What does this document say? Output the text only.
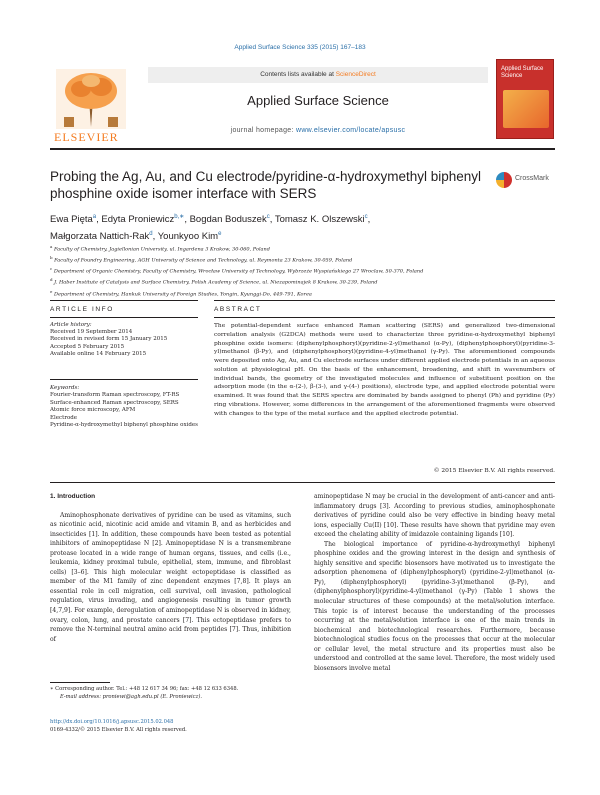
Applied Surface Science 335 (2015) 167–183
ELSEVIER
Contents lists available at ScienceDirect
Applied Surface Science
journal homepage: www.elsevier.com/locate/apsusc
Applied Surface Science
Probing the Ag, Au, and Cu electrode/pyridine-α-hydroxymethyl biphenyl phosphine oxide isomer interface with SERS
CrossMark
Ewa Pięta$^a$, Edyta Proniewicz$^{b,∗}$, Bogdan Boduszek$^c$, Tomasz K. Olszewski$^c$,
Małgorzata Nattich-Rak$^d$, Younkyoo Kim$^e$
$^a$ Faculty of Chemistry, Jagiellonian University, ul. Ingardena 3 Krakow, 30-060, Poland
$^b$ Faculty of Foundry Engineering, AGH University of Science and Technology, ul. Reymonta 23 Krakow, 30-059, Poland
$^c$ Department of Organic Chemistry, Faculty of Chemistry, Wrocław University of Technology, Wybrzeże Wyspiańskiego 27 Wroclaw, 50-370, Poland
$^d$ J. Haber Institute of Catalysis and Surface Chemistry, Polish Academy of Science, ul. Niezapominajek 8 Krakow, 30-239, Poland
$^e$ Department of Chemistry, Hankuk University of Foreign Studies, Yongin, Kyunggi-Do, 449-791, Korea
ARTICLE INFO	ABSTRACT
Article history:
Received 19 September 2014
Received in revised form 15 January 2015
Accepted 5 February 2015
Available online 14 February 2015
Keywords:
Fourier-transform Raman spectroscopy, FT-RS
Surface-enhanced Raman spectroscopy, SERS
Atomic force microscopy, AFM
Electrode
Pyridine-α-hydroxymethyl biphenyl phosphine oxides
The potential-dependent surface enhanced Raman scattering (SERS) and generalized two-dimensional correlation analysis (G2DCA) methods were used to characterize three pyridine-α-hydroxymethyl biphenyl phosphine oxide isomers: (diphenylphosphoryl)(pyridine-2-yl)methanol (α-Py), (diphenylphosphoryl)(pyridine-3-yl)methanol (β-Py), and (diphenylphosphoryl)(pyridine-4-yl)methanol (γ-Py). The aforementioned compounds were deposited onto Ag, Au, and Cu electrode surfaces under different applied electrode potentials in an aqueous solution at physiological pH. On the basis of the enhancement, broadening, and shift in wavenumbers of individual bands, the geometry of the investigated molecules and influence of substituent position on the adsorption mode (in the α-(2-), β-(3-), and γ-(4-) positions), electrode type, and applied electrode potential were examined. It was found that the SERS spectra are dominated by bands assigned to phenyl (Ph) and pyridine (Py) ring vibrations. However, some differences in the arrangement of the aforementioned fragments were observed with changes to the type of the metal surface and the applied electrode potential.
© 2015 Elsevier B.V. All rights reserved.
1. Introduction

Aminophosphonate derivatives of pyridine can be used as vitamins, such as nicotinic acid, nicotinic acid amide and vitamin B, and as herbicides and insecticides [1]. In addition, these compounds have been tested as potential inhibitors of aminopeptidase N [2]. Aminopeptidase N is a transmembrane protease located in a wide range of human organs, tissues, and cells (i.e., leukemia, kidney proximal tubule, epithelial, stem, immune, and fibroblast cells) [3–6]. This high molecular weight ectopeptidase is classified as member of the M1 family of zinc dependent enzymes [7,8]. It plays an essential role in cell migration, cell survival, cell invasion, pathological regulation, virus invading, and angiogenesis resulting in tumor growth [4,7,9]. For example, deregulation of aminopeptidase N is observed in kidney, ovary, colon, lung, and prostate cancers [7]. This ectopeptidase prefers to remove the N-terminal neutral amino acid from peptides [7]. Thus, inhibition of

aminopeptidase N may be crucial in the development of anti-cancer and anti-inflammatory drugs [3]. According to previous studies, aminophosphonate derivatives of pyridine could also be very effective in binding heavy metal ions, especially Cu(II) [10]. These results have shown that pyridine may even exceed the chelating ability of imidazole containing ligands [10].

The biological importance of pyridine-α-hydroxymethyl biphenyl phosphine oxides and the growing interest in the design and synthesis of highly sensitive and specific biosensors have motivated us to investigate the adsorption phenomena of (diphenylphosphoryl) (pyridine-2-yl)methanol (α-Py), (diphenylphosphoryl) (pyridine-3-yl)methanol (β-Py), and (diphenylphosphoryl)(pyridine-4-yl)methanol (γ-Py) (Table 1 shows the molecular structures of these compounds) at the metal/solution interface. This topic is of interest because the understanding of the processes occurring at the metal/solution interface is one of the main trends in biochemical and biotechnological researches. Furthermore, because biotechnological studies focus on the processes that occur at the molecular or cellular level, the metal structure and its properties must also be understood and controlled at the same level. Therefore, the most widely used biosensors involve metal

∗ Corresponding author. Tel.: +48 12 617 34 96; fax: +48 12 633 6348.
E-mail address: proniewi@agh.edu.pl (E. Proniewicz).
http://dx.doi.org/10.1016/j.apsusc.2015.02.048
0169-4332/© 2015 Elsevier B.V. All rights reserved.
